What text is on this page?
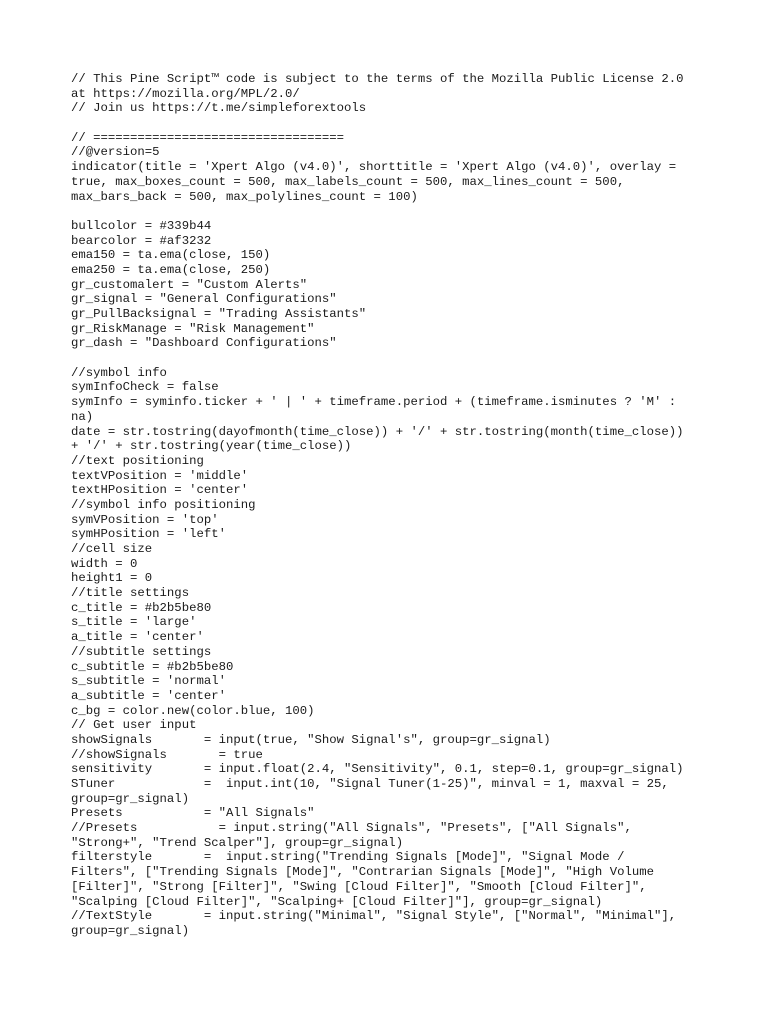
// This Pine Script™ code is subject to the terms of the Mozilla Public License 2.0
at https://mozilla.org/MPL/2.0/
// Join us https://t.me/simpleforextools
// ==================================
//@version=5
indicator(title = 'Xpert Algo (v4.0)', shorttitle = 'Xpert Algo (v4.0)', overlay =
true, max_boxes_count = 500, max_labels_count = 500, max_lines_count = 500,
max_bars_back = 500, max_polylines_count = 100)
bullcolor = #339b44
bearcolor = #af3232
ema150 = ta.ema(close, 150)
ema250 = ta.ema(close, 250)
gr_customalert = "Custom Alerts"
gr_signal = "General Configurations"
gr_PullBacksignal = "Trading Assistants"
gr_RiskManage = "Risk Management"
gr_dash = "Dashboard Configurations"
//symbol info
symInfoCheck = false
symInfo = syminfo.ticker + ' | ' + timeframe.period + (timeframe.isminutes ? 'M' :
na)
date = str.tostring(dayofmonth(time_close)) + '/' + str.tostring(month(time_close))
+ '/' + str.tostring(year(time_close))
//text positioning
textVPosition = 'middle'
textHPosition = 'center'
//symbol info positioning
symVPosition = 'top'
symHPosition = 'left'
//cell size
width = 0
height1 = 0
//title settings
c_title = #b2b5be80
s_title = 'large'
a_title = 'center'
//subtitle settings
c_subtitle = #b2b5be80
s_subtitle = 'normal'
a_subtitle = 'center'
c_bg = color.new(color.blue, 100)
// Get user input
showSignals       = input(true, "Show Signal's", group=gr_signal)
//showSignals       = true
sensitivity       = input.float(2.4, "Sensitivity", 0.1, step=0.1, group=gr_signal)
STuner            =  input.int(10, "Signal Tuner(1-25)", minval = 1, maxval = 25,
group=gr_signal)
Presets           = "All Signals"
//Presets           = input.string("All Signals", "Presets", ["All Signals",
"Strong+", "Trend Scalper"], group=gr_signal)
filterstyle       =  input.string("Trending Signals [Mode]", "Signal Mode /
Filters", ["Trending Signals [Mode]", "Contrarian Signals [Mode]", "High Volume
[Filter]", "Strong [Filter]", "Swing [Cloud Filter]", "Smooth [Cloud Filter]",
"Scalping [Cloud Filter]", "Scalping+ [Cloud Filter]"], group=gr_signal)
//TextStyle       = input.string("Minimal", "Signal Style", ["Normal", "Minimal"],
group=gr_signal)
